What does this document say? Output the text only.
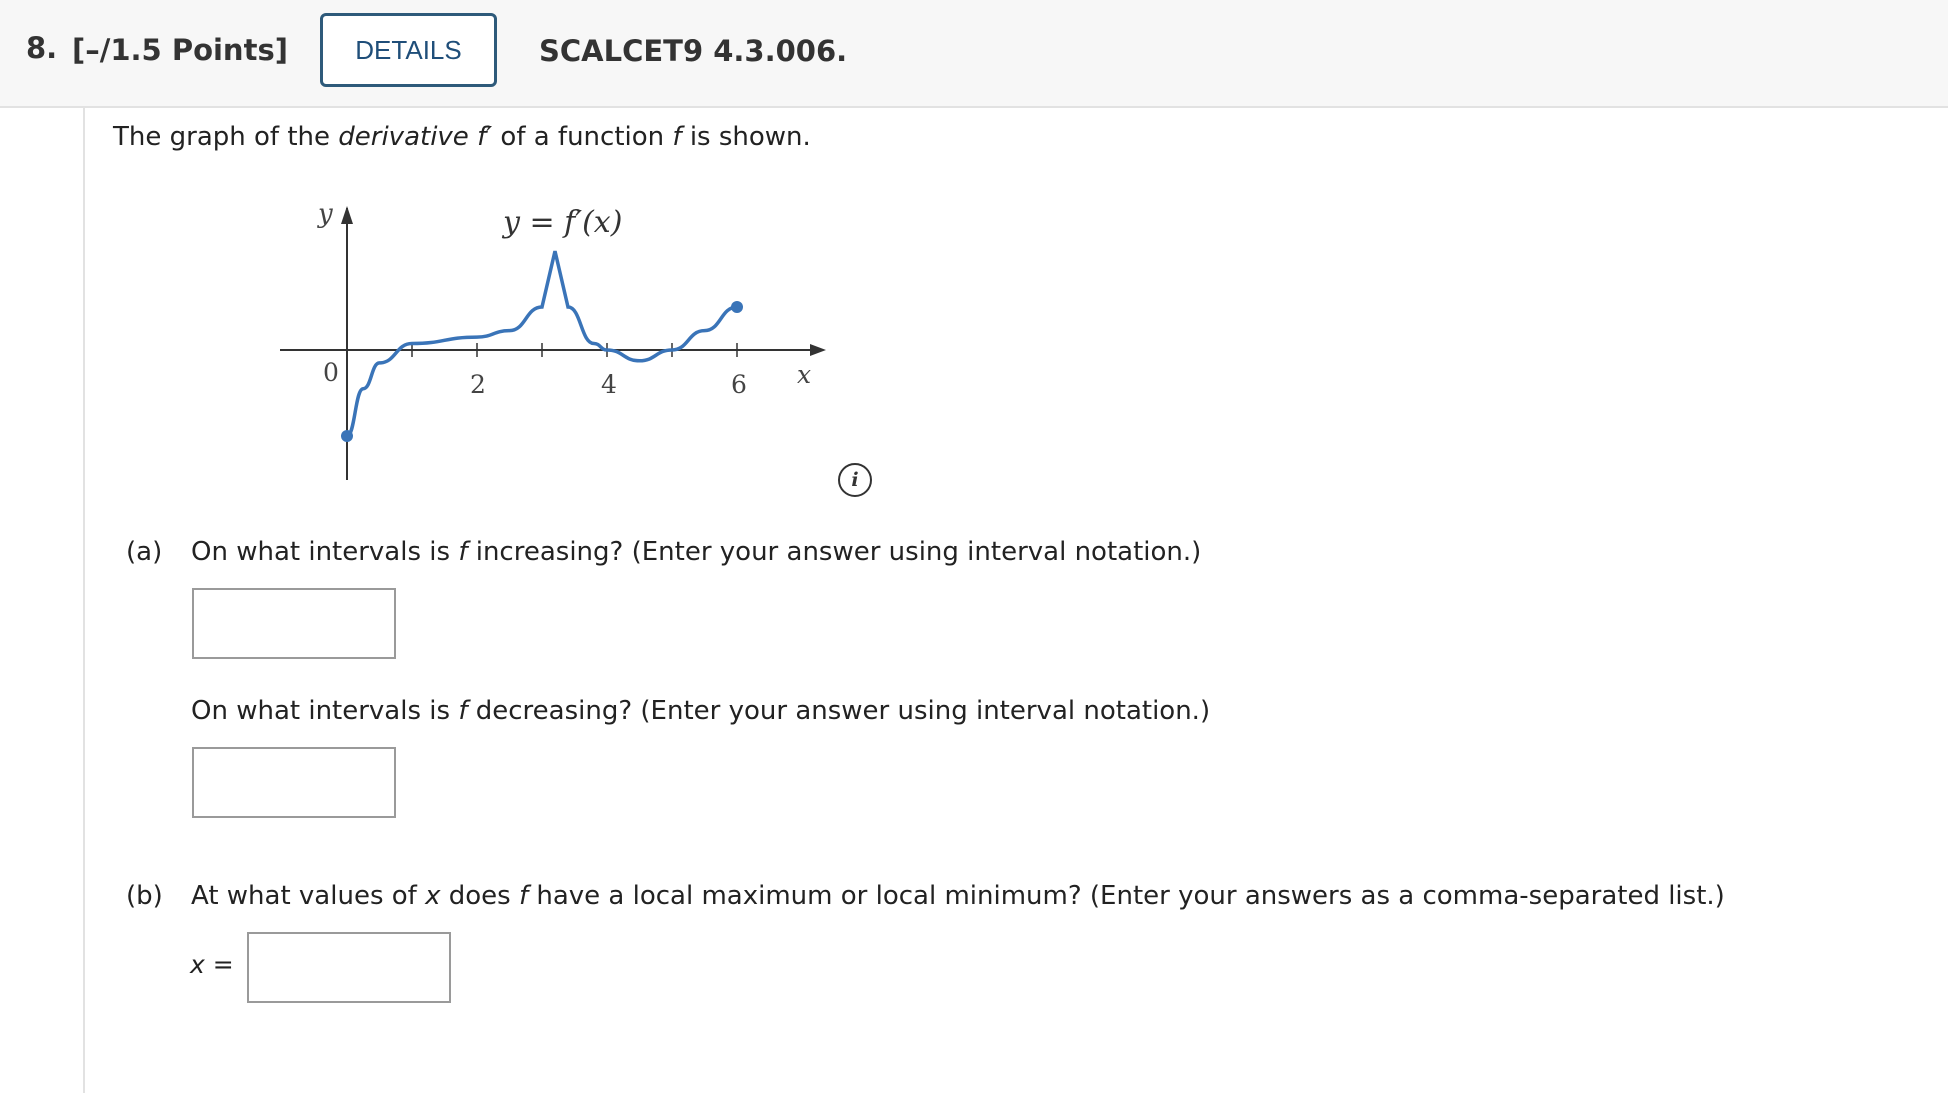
8. [–/1.5 Points]	DETAILS	SCALCET9 4.3.006.
The graph of the derivative f′ of a function f is shown.
y	y = f′(x)
0	2	4	6 x
i
(a) On what intervals is f increasing? (Enter your answer using interval notation.)
On what intervals is f decreasing? (Enter your answer using interval notation.)
(b) At what values of x does f have a local maximum or local minimum? (Enter your answers as a comma-separated list.)
x =
